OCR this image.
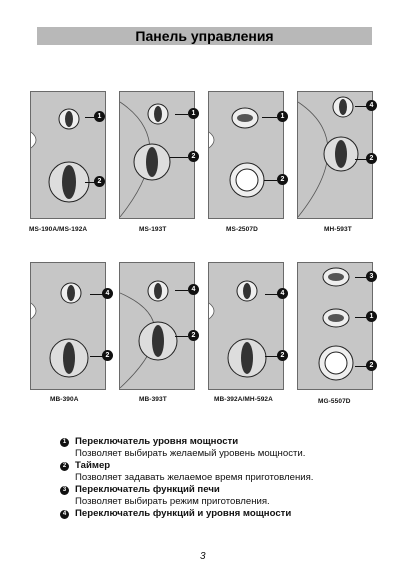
Панель управления
MS-190A/MS-192A	MS-193T	MS-2507D	MH-593T
1
2
1
2
1
2
4
2
MB-390A	MB-393T	MB-392A/MH-592A	MG-5507D
4
2
4
2
4
2
3
1
2
1 Переключатель уровня мощности
Позволяет выбирать желаемый уровень мощности.
2 Таймер
Позволяет задавать желаемое время приготовления.
3 Переключатель функций печи
Позволяет выбирать режим приготовления.
4 Переключатель функций и уровня мощности
3
